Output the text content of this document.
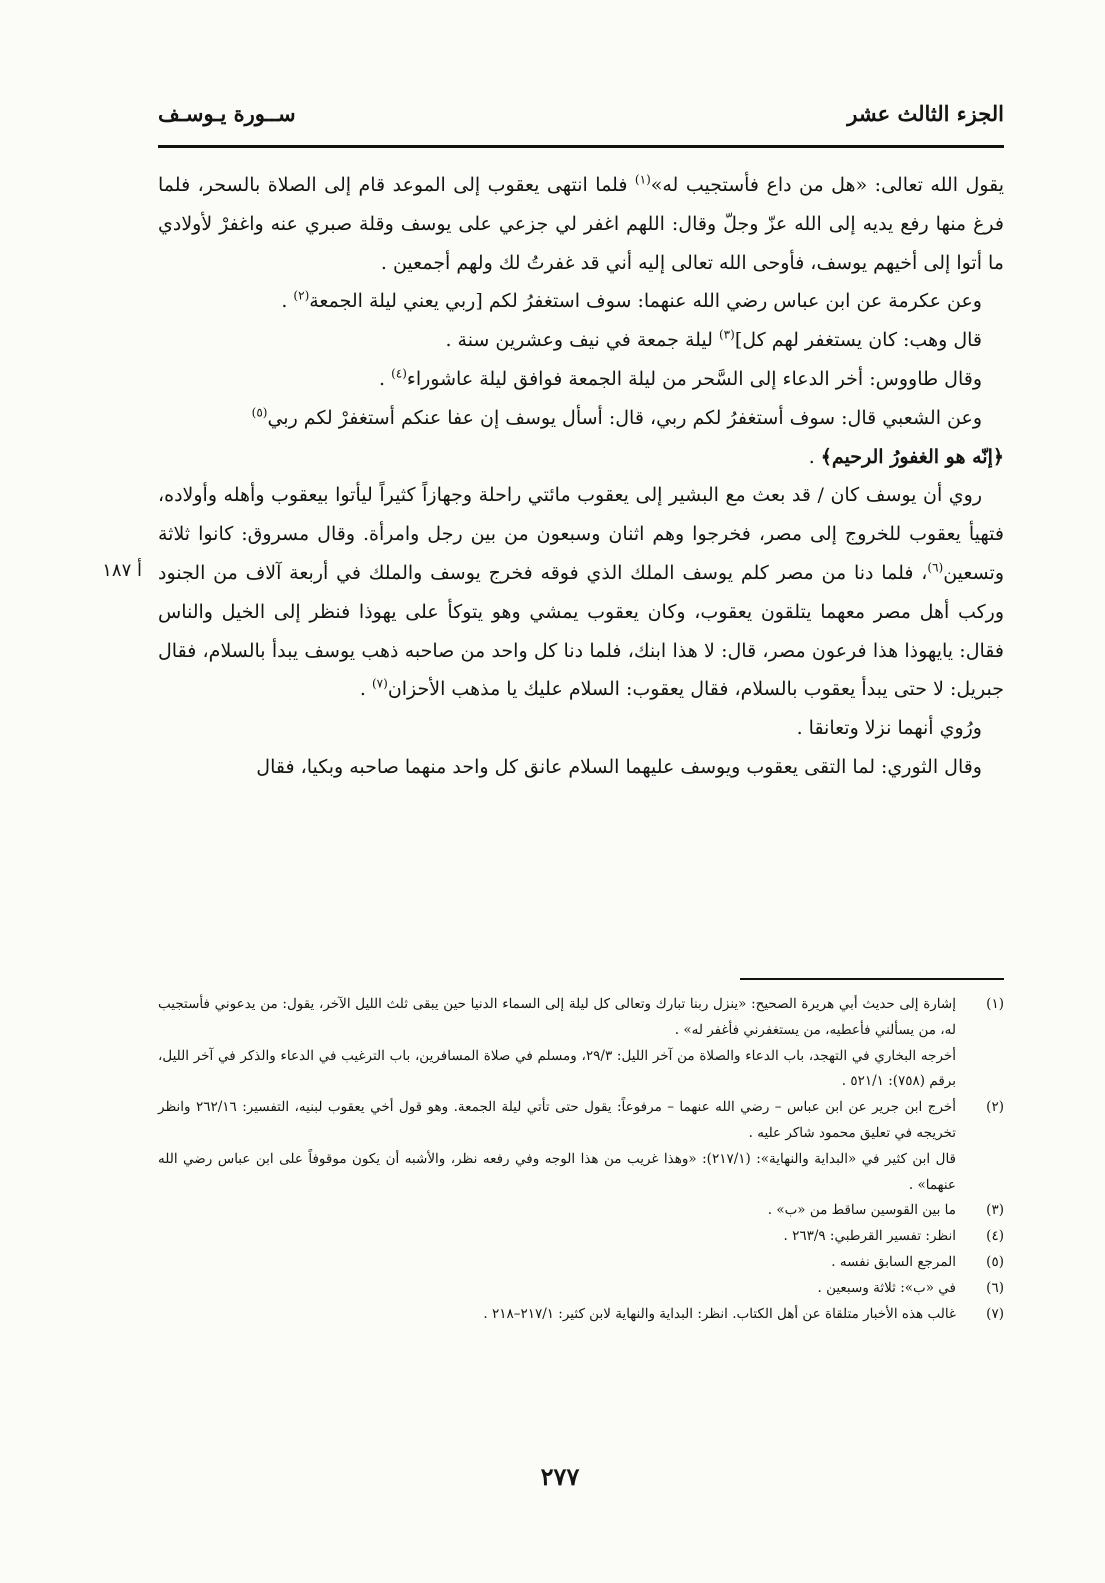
الجزء الثالث عشر
ســورة يـوسـف

يقول الله تعالى: «هل من داع فأستجيب له»$^{(١)}$ فلما انتهى يعقوب إلى الموعد قام إلى الصلاة بالسحر، فلما فرغ منها رفع يديه إلى الله عزّ وجلّ وقال: اللهم اغفر لي جزعي على يوسف وقلة صبري عنه واغفرْ لأولادي ما أتوا إلى أخيهم يوسف، فأوحى الله تعالى إليه أني قد غفرتُ لك ولهم أجمعين .

وعن عكرمة عن ابن عباس رضي الله عنهما: سوف استغفرُ لكم [ربي يعني ليلة الجمعة$^{(٢)}$ .

قال وهب: كان يستغفر لهم كل]$^{(٣)}$ ليلة جمعة في نيف وعشرين سنة .

وقال طاووس: أخر الدعاء إلى السَّحر من ليلة الجمعة فوافق ليلة عاشوراء$^{(٤)}$ .

وعن الشعبي قال: سوف أستغفرُ لكم ربي، قال: أسأل يوسف إن عفا عنكم أستغفرْ لكم ربي$^{(٥)}$

﴿إنّه هو الغفورُ الرحيم﴾ .

روي أن يوسف كان / قد بعث مع البشير إلى يعقوب مائتي راحلة وجهازاً كثيراً ليأتوا بيعقوب وأهله وأولاده، فتهيأ يعقوب للخروج إلى مصر، فخرجوا وهم اثنان وسبعون من بين رجل وامرأة. وقال مسروق: كانوا ثلاثة وتسعين$^{(٦)}$، فلما دنا من مصر كلم يوسف الملك الذي فوقه فخرج يوسف والملك في أربعة آلاف من الجنود وركب أهل مصر معهما يتلقون يعقوب، وكان يعقوب يمشي وهو يتوكأ على يهوذا فنظر إلى الخيل والناس فقال: يايهوذا هذا فرعون مصر، قال: لا هذا ابنك، فلما دنا كل واحد من صاحبه ذهب يوسف يبدأ بالسلام، فقال جبريل: لا حتى يبدأ يعقوب بالسلام، فقال يعقوب: السلام عليك يا مذهب الأحزان$^{(٧)}$ .

ورُوي أنهما نزلا وتعانقا .

وقال الثوري: لما التقى يعقوب ويوسف عليهما السلام عانق كل واحد منهما صاحبه وبكيا، فقال

أ ١٨٧
(١)
إشارة إلى حديث أبي هريرة الصحيح: «ينزل ربنا تبارك وتعالى كل ليلة إلى السماء الدنيا حين يبقى ثلث الليل الآخر، يقول: من يدعوني فأستجيب له، من يسألني فأعطيه، من يستغفرني فأغفر له» .
أخرجه البخاري في التهجد، باب الدعاء والصلاة من آخر الليل: ٢٩/٣، ومسلم في صلاة المسافرين، باب الترغيب في الدعاء والذكر في آخر الليل، برقم (٧٥٨): ٥٢١/١ .
(٢)
أخرج ابن جرير عن ابن عباس – رضي الله عنهما – مرفوعاً: يقول حتى تأتي ليلة الجمعة. وهو قول أخي يعقوب لبنيه، التفسير: ٢٦٢/١٦ وانظر تخريجه في تعليق محمود شاكر عليه .
قال ابن كثير في «البداية والنهاية»: (٢١٧/١): «وهذا غريب من هذا الوجه وفي رفعه نظر، والأشبه أن يكون موقوفاً على ابن عباس رضي الله عنهما» .
(٣)
ما بين القوسين ساقط من «ب» .
(٤)
انظر: تفسير القرطبي: ٢٦٣/٩ .
(٥)
المرجع السابق نفسه .
(٦)
في «ب»: ثلاثة وسبعين .
(٧)
غالب هذه الأخبار متلقاة عن أهل الكتاب. انظر: البداية والنهاية لابن كثير: ٢١٧/١–٢١٨ .
٢٧٧
